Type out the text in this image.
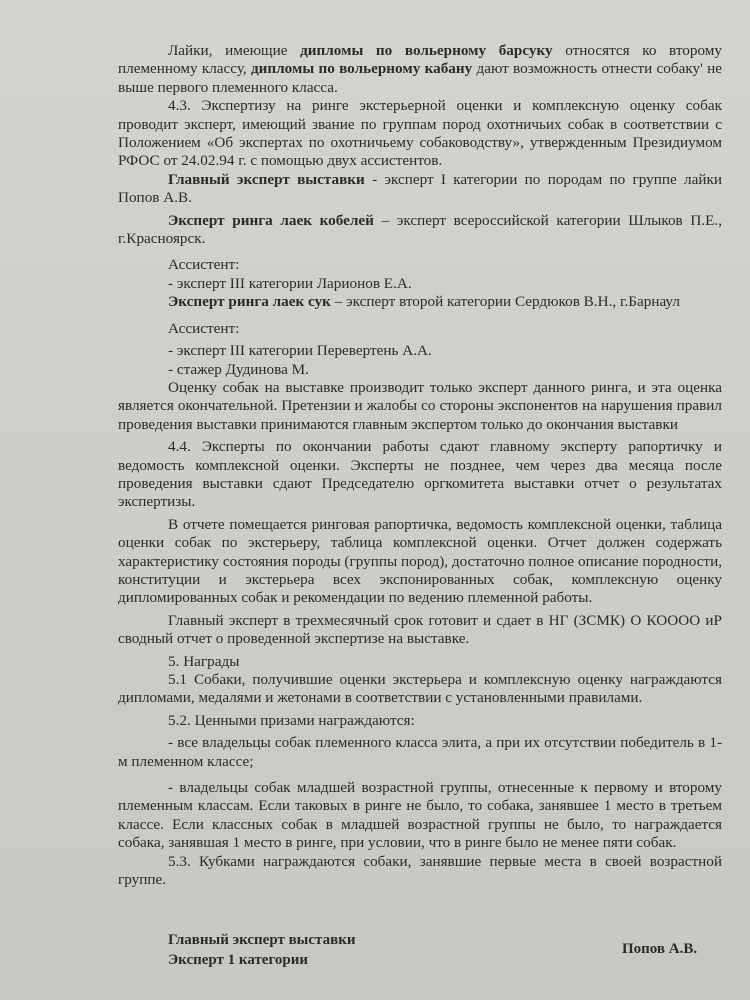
Лайки, имеющие дипломы по вольерному барсуку относятся ко второму племенному классу, дипломы по вольерному кабану дают возможность отнести собаку' не выше первого племенного класса.

4.3. Экспертизу на ринге экстерьерной оценки и комплексную оценку собак проводит эксперт, имеющий звание по группам пород охотничьих собак в соответствии с Положением «Об экспертах по охотничьему собаководству», утвержденным Президиумом РФОС от 24.02.94 г. с помощью двух ассистентов.

Главный эксперт выставки - эксперт I категории по породам по группе лайки Попов А.В.

Эксперт ринга лаек кобелей – эксперт всероссийской категории Шлыков П.Е., г.Красноярск.

Ассистент:

- эксперт III категории Ларионов Е.А.

Эксперт ринга лаек сук – эксперт второй категории Сердюков В.Н., г.Барнаул

Ассистент:

- эксперт III категории Перевертень А.А.

- стажер Дудинова М.

Оценку собак на выставке производит только эксперт данного ринга, и эта оценка является окончательной. Претензии и жалобы со стороны экспонентов на нарушения правил проведения выставки принимаются главным экспертом только до окончания выставки

4.4. Эксперты по окончании работы сдают главному эксперту рапортичку и ведомость комплексной оценки. Эксперты не позднее, чем через два месяца после проведения выставки сдают Председателю оргкомитета выставки отчет о результатах экспертизы.

В отчете помещается ринговая рапортичка, ведомость комплексной оценки, таблица оценки собак по экстерьеру, таблица комплексной оценки. Отчет должен содержать характеристику состояния породы (группы пород), достаточно полное описание породности, конституции и экстерьера всех экспонированных собак, комплексную оценку дипломированных собак и рекомендации по ведению племенной работы.

Главный эксперт в трехмесячный срок готовит и сдает в НГ (ЗСМК) О КОООО иР сводный отчет о проведенной экспертизе на выставке.

5. Награды

5.1 Собаки, получившие оценки экстерьера и комплексную оценку награждаются дипломами, медалями и жетонами в соответствии с установленными правилами.

5.2. Ценными призами награждаются:

- все владельцы собак племенного класса элита, а при их отсутствии победитель в 1-м племенном классе;

- владельцы собак младшей возрастной группы, отнесенные к первому и второму племенным классам. Если таковых в ринге не было, то собака, занявшее 1 место в третьем классе. Если классных собак в младшей возрастной группы не было, то награждается собака, занявшая 1 место в ринге, при условии, что в ринге было не менее пяти собак.

5.3. Кубками награждаются собаки, занявшие первые места в своей возрастной группе.

Главный эксперт выставки
Эксперт 1 категории
Попов А.В.
